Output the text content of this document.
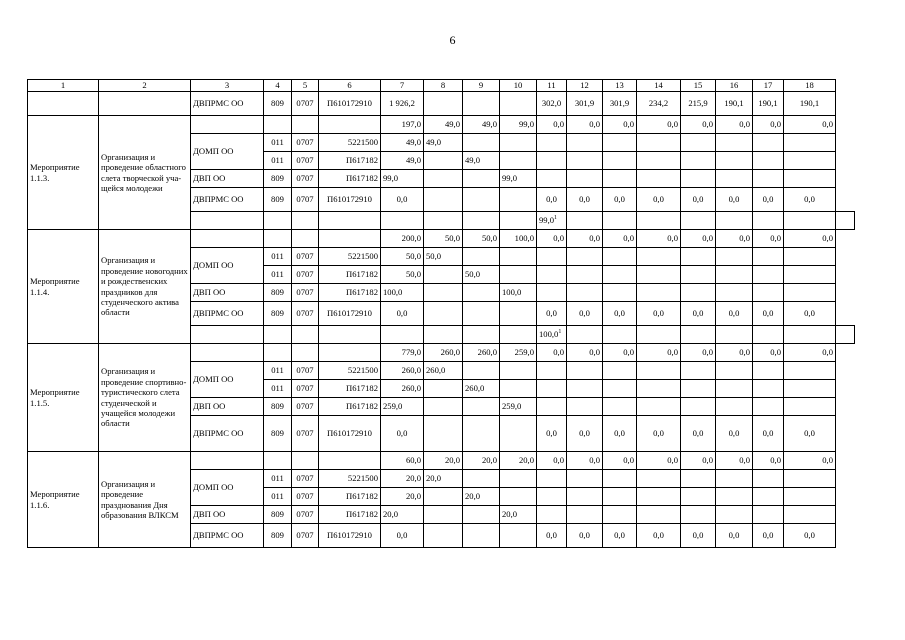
6
1	2	3	4	5	6	7	8	9	10	11	12	13	14	15	16	17	18	
		ДВПРМС ОО	809	0707	П610172910	1 926,2				302,0	301,9	301,9	234,2	215,9	190,1	190,1	190,1	
Мероприятие 1.1.3.	Организация и проведение областного слета творческой учащейся молодежи					197,0	49,0	49,0	99,0	0,0	0,0	0,0	0,0	0,0	0,0	0,0	0,0	
		ДОМП ОО	011	0707	5221500	49,0	49,0											
			011	0707	П617182	49,0		49,0										
		ДВП ОО	809	0707	П617182	99,0			99,0									
		ДВПРМС ОО	809	0707	П610172910	0,0				0,0	0,0	0,0	0,0	0,0	0,0	0,0	0,0	
										99,0$^1$								
Мероприятие 1.1.4.	Организация и проведение новогодних и рождественских праздников для студенческого актива области					200,0	50,0	50,0	100,0	0,0	0,0	0,0	0,0	0,0	0,0	0,0	0,0	
		ДОМП ОО	011	0707	5221500	50,0	50,0											
			011	0707	П617182	50,0		50,0										
		ДВП ОО	809	0707	П617182	100,0			100,0									
		ДВПРМС ОО	809	0707	П610172910	0,0				0,0	0,0	0,0	0,0	0,0	0,0	0,0	0,0	
										100,0$^1$								
Мероприятие 1.1.5.	Организация и проведение спортивно-туристического слета студенческой и учащейся молодежи области					779,0	260,0	260,0	259,0	0,0	0,0	0,0	0,0	0,0	0,0	0,0	0,0	
		ДОМП ОО	011	0707	5221500	260,0	260,0											
			011	0707	П617182	260,0		260,0										
		ДВП ОО	809	0707	П617182	259,0			259,0									
		ДВПРМС ОО	809	0707	П610172910	0,0				0,0	0,0	0,0	0,0	0,0	0,0	0,0	0,0	
Мероприятие 1.1.6.	Организация и проведение празднования Дня образования ВЛКСМ					60,0	20,0	20,0	20,0	0,0	0,0	0,0	0,0	0,0	0,0	0,0	0,0	
		ДОМП ОО	011	0707	5221500	20,0	20,0											
			011	0707	П617182	20,0		20,0										
		ДВП ОО	809	0707	П617182	20,0			20,0									
		ДВПРМС ОО	809	0707	П610172910	0,0				0,0	0,0	0,0	0,0	0,0	0,0	0,0	0,0	
